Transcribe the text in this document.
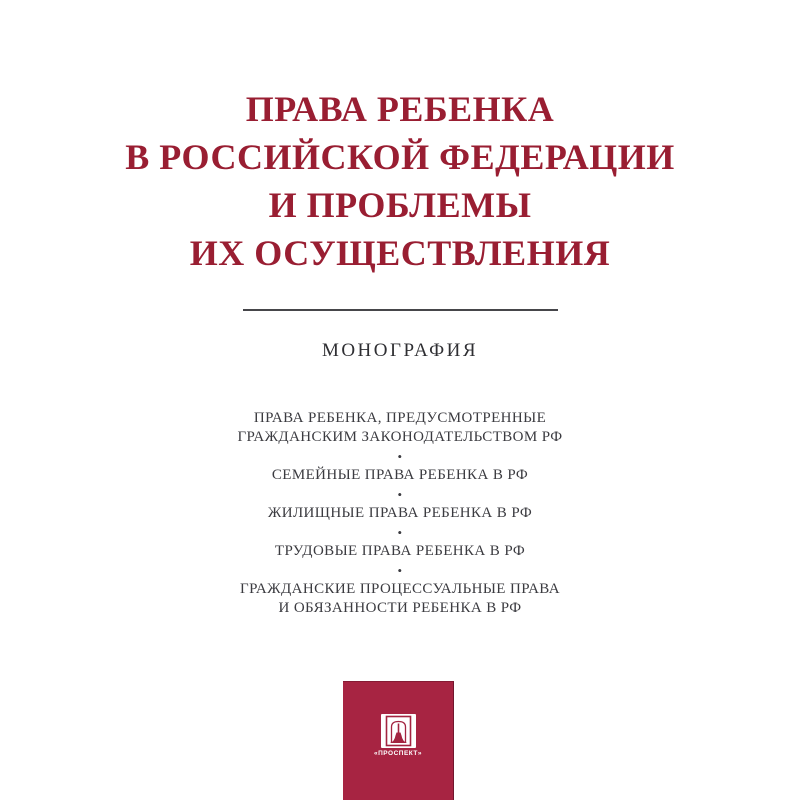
ПРАВА РЕБЕНКА
В РОССИЙСКОЙ ФЕДЕРАЦИИ
И ПРОБЛЕМЫ
ИХ ОСУЩЕСТВЛЕНИЯ
МОНОГРАФИЯ
ПРАВА РЕБЕНКА, ПРЕДУСМОТРЕННЫЕ
ГРАЖДАНСКИМ ЗАКОНОДАТЕЛЬСТВОМ РФ
•
СЕМЕЙНЫЕ ПРАВА РЕБЕНКА В РФ
•
ЖИЛИЩНЫЕ ПРАВА РЕБЕНКА В РФ
•
ТРУДОВЫЕ ПРАВА РЕБЕНКА В РФ
•
ГРАЖДАНСКИЕ ПРОЦЕССУАЛЬНЫЕ ПРАВА
И ОБЯЗАННОСТИ РЕБЕНКА В РФ
«ПРОСПЕКТ»
